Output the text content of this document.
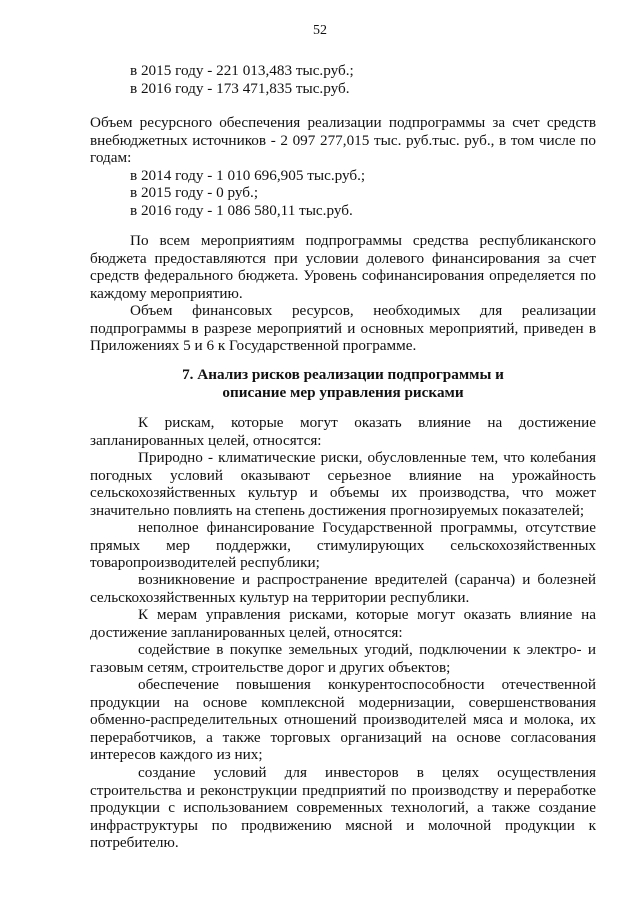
52
в 2015 году - 221 013,483 тыс.руб.;
в 2016 году - 173 471,835 тыс.руб.
Объем ресурсного обеспечения реализации подпрограммы за счет средств
внебюджетных источников - 2 097 277,015 тыс. руб.тыс. руб., в том числе по
годам:
в 2014 году - 1 010 696,905 тыс.руб.;
в 2015 году - 0 руб.;
в 2016 году - 1 086 580,11 тыс.руб.
По всем мероприятиям подпрограммы средства республиканского
бюджета предоставляются при условии долевого финансирования за счет
средств федерального бюджета. Уровень софинансирования определяется по
каждому мероприятию.
Объем финансовых ресурсов, необходимых для реализации
подпрограммы в разрезе мероприятий и основных мероприятий, приведен в
Приложениях 5 и 6 к Государственной программе.
7. Анализ рисков реализации подпрограммы и
описание мер управления рисками
К рискам, которые могут оказать влияние на достижение
запланированных целей, относятся:
Природно - климатические риски, обусловленные тем, что колебания
погодных условий оказывают серьезное влияние на урожайность
сельскохозяйственных культур и объемы их производства, что может
значительно повлиять на степень достижения прогнозируемых показателей;
неполное финансирование Государственной программы, отсутствие
прямых мер поддержки, стимулирующих сельскохозяйственных
товаропроизводителей республики;
возникновение и распространение вредителей (саранча) и болезней
сельскохозяйственных культур на территории республики.
К мерам управления рисками, которые могут оказать влияние на
достижение запланированных целей, относятся:
содействие в покупке земельных угодий, подключении к электро- и
газовым сетям, строительстве дорог и других объектов;
обеспечение повышения конкурентоспособности отечественной
продукции на основе комплексной модернизации, совершенствования
обменно-распределительных отношений производителей мяса и молока, их
переработчиков, а также торговых организаций на основе согласования
интересов каждого из них;
создание условий для инвесторов в целях осуществления
строительства и реконструкции предприятий по производству и переработке
продукции с использованием современных технологий, а также создание
инфраструктуры по продвижению мясной и молочной продукции к
потребителю.
